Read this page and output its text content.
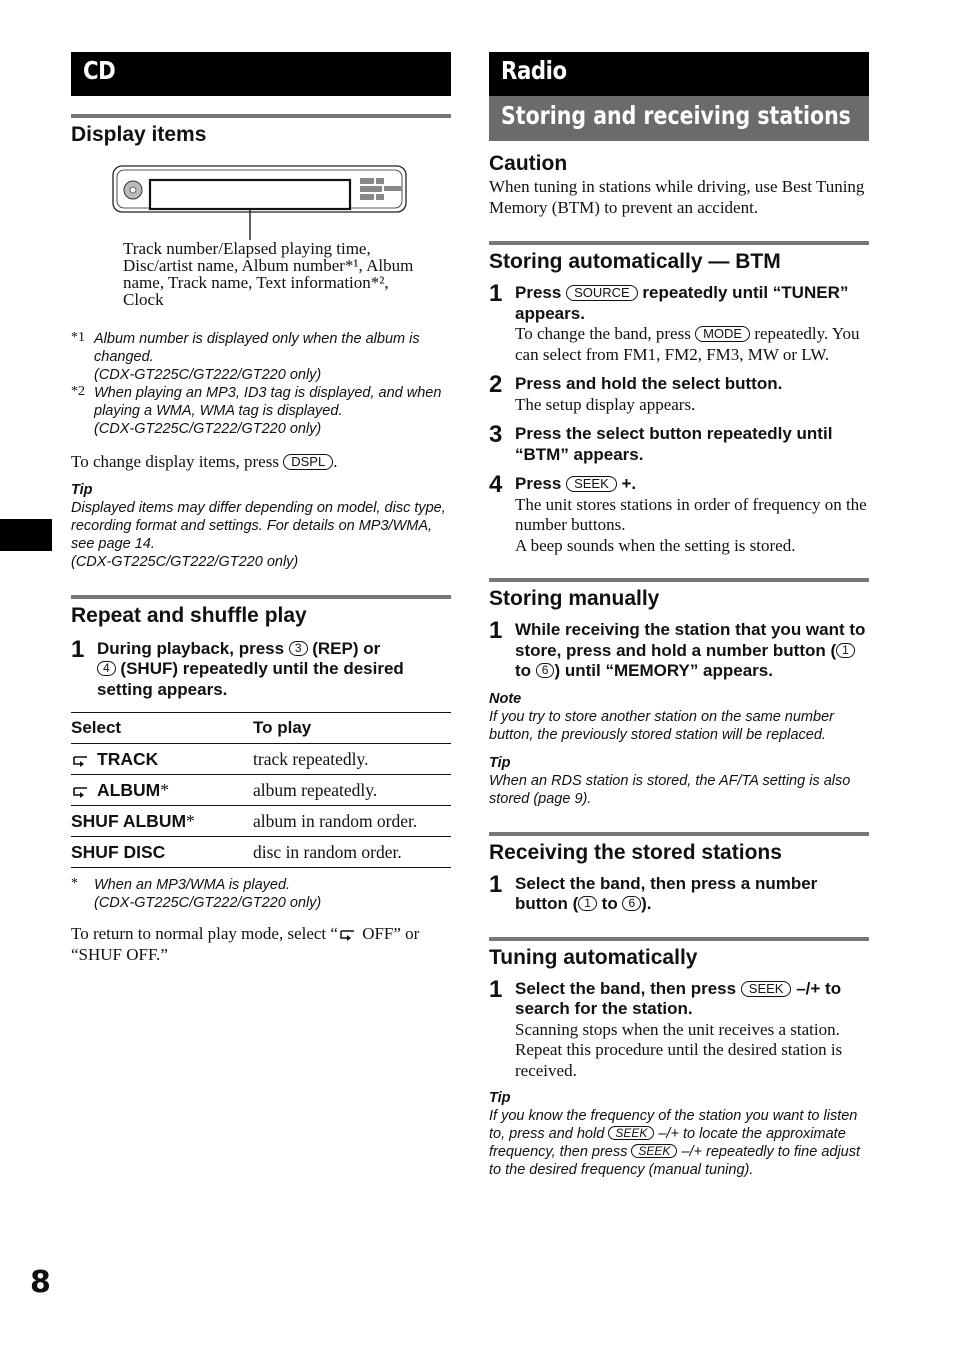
CD
Display items
Track number/Elapsed playing time, Disc/artist name, Album number*¹, Album name, Track name, Text information*², Clock
*1 Album number is displayed only when the album is changed.
(CDX-GT225C/GT222/GT220 only)
*2 When playing an MP3, ID3 tag is displayed, and when playing a WMA, WMA tag is displayed.
(CDX-GT225C/GT222/GT220 only)
To change display items, press DSPL .
Tip
Displayed items may differ depending on model, disc type, recording format and settings. For details on MP3/WMA, see page 14.
(CDX-GT225C/GT222/GT220 only)
Repeat and shuffle play
1 During playback, press 3 (REP) or
4 (SHUF) repeatedly until the desired setting appears.
Select	To play
TRACK	track repeatedly.
ALBUM*	album repeatedly.
SHUF ALBUM*	album in random order.
SHUF DISC	disc in random order.
*	When an MP3/WMA is played.
(CDX-GT225C/GT222/GT220 only)
To return to normal play mode, select “ OFF” or “SHUF OFF.”
Radio
Storing and receiving stations
Caution
When tuning in stations while driving, use Best Tuning Memory (BTM) to prevent an accident.
Storing automatically — BTM
1 Press SOURCE repeatedly until “TUNER” appears.
To change the band, press MODE repeatedly. You can select from FM1, FM2, FM3, MW or LW.
2 Press and hold the select button.
The setup display appears.
3 Press the select button repeatedly until “BTM” appears.
4 Press SEEK +.
The unit stores stations in order of frequency on the number buttons.
A beep sounds when the setting is stored.
Storing manually
1 While receiving the station that you want to store, press and hold a number button ( 1 to 6 ) until “MEMORY” appears.
Note
If you try to store another station on the same number button, the previously stored station will be replaced.
Tip
When an RDS station is stored, the AF/TA setting is also stored (page 9).
Receiving the stored stations
1 Select the band, then press a number button ( 1 to 6 ).
Tuning automatically
1 Select the band, then press SEEK –/+ to search for the station.
Scanning stops when the unit receives a station. Repeat this procedure until the desired station is received.
Tip
If you know the frequency of the station you want to listen to, press and hold SEEK –/+ to locate the approximate frequency, then press SEEK –/+ repeatedly to fine adjust to the desired frequency (manual tuning).
8
